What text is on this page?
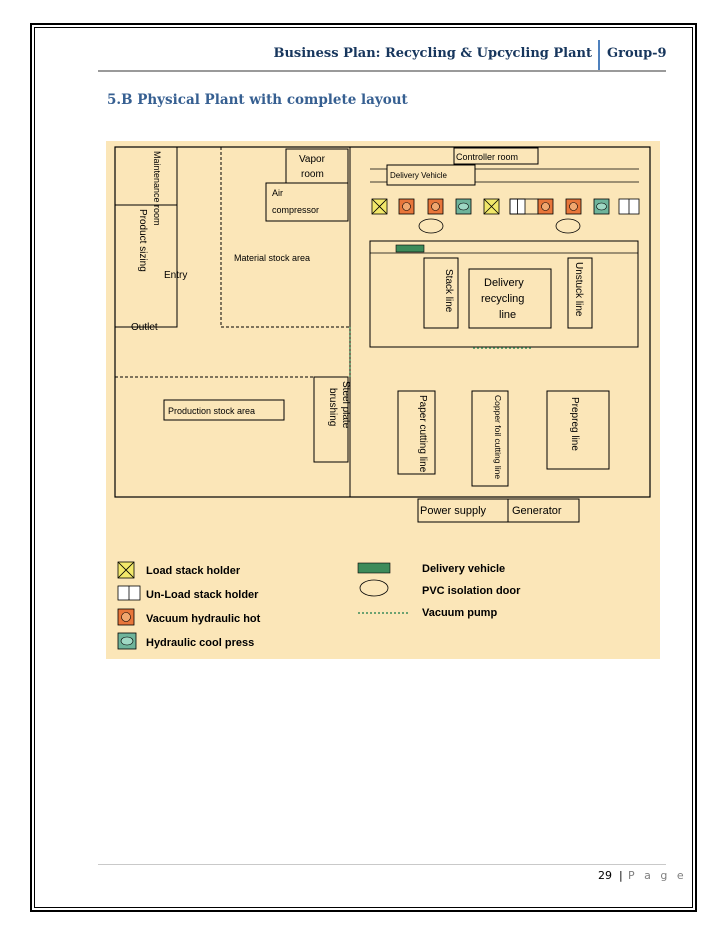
Business Plan: Recycling & Upcycling Plant Group-9
5.B Physical Plant with complete layout
Maintenance room
Product sizing
Entry
Outlet
Material stock area
Vapor
room
Air
compressor
Controller room
Delivery Vehicle
Stack line	Delivery
recycling
line	Unstuck line
Production stock area	Steel plate
brushing	Paper cutting line	Copper foil cutting line	Prepreg line
Power supply Generator
Load stack holder
Un-Load stack holder
Vacuum hydraulic hot
Hydraulic cool press
Delivery vehicle
PVC isolation door
Vacuum pump
29 | P a g e
